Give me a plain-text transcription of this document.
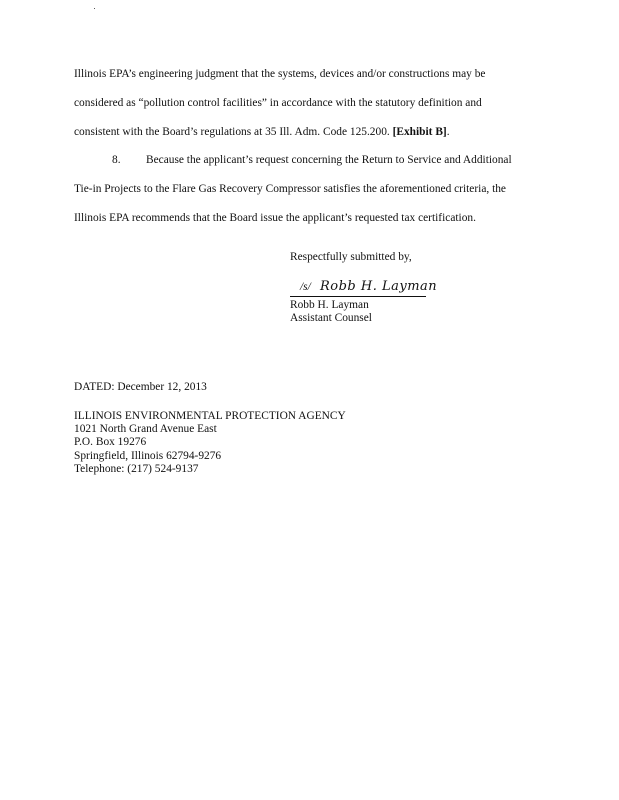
Illinois EPA’s engineering judgment that the systems, devices and/or constructions may be
considered as “pollution control facilities” in accordance with the statutory definition and
consistent with the Board’s regulations at 35 Ill. Adm. Code 125.200. [Exhibit B].
8. Because the applicant’s request concerning the Return to Service and Additional
Tie-in Projects to the Flare Gas Recovery Compressor satisfies the aforementioned criteria, the
Illinois EPA recommends that the Board issue the applicant’s requested tax certification.
Respectfully submitted by,
/s/ Robb H. Layman
Robb H. Layman
Assistant Counsel
DATED: December 12, 2013
ILLINOIS ENVIRONMENTAL PROTECTION AGENCY
1021 North Grand Avenue East
P.O. Box 19276
Springfield, Illinois 62794-9276
Telephone: (217) 524-9137
